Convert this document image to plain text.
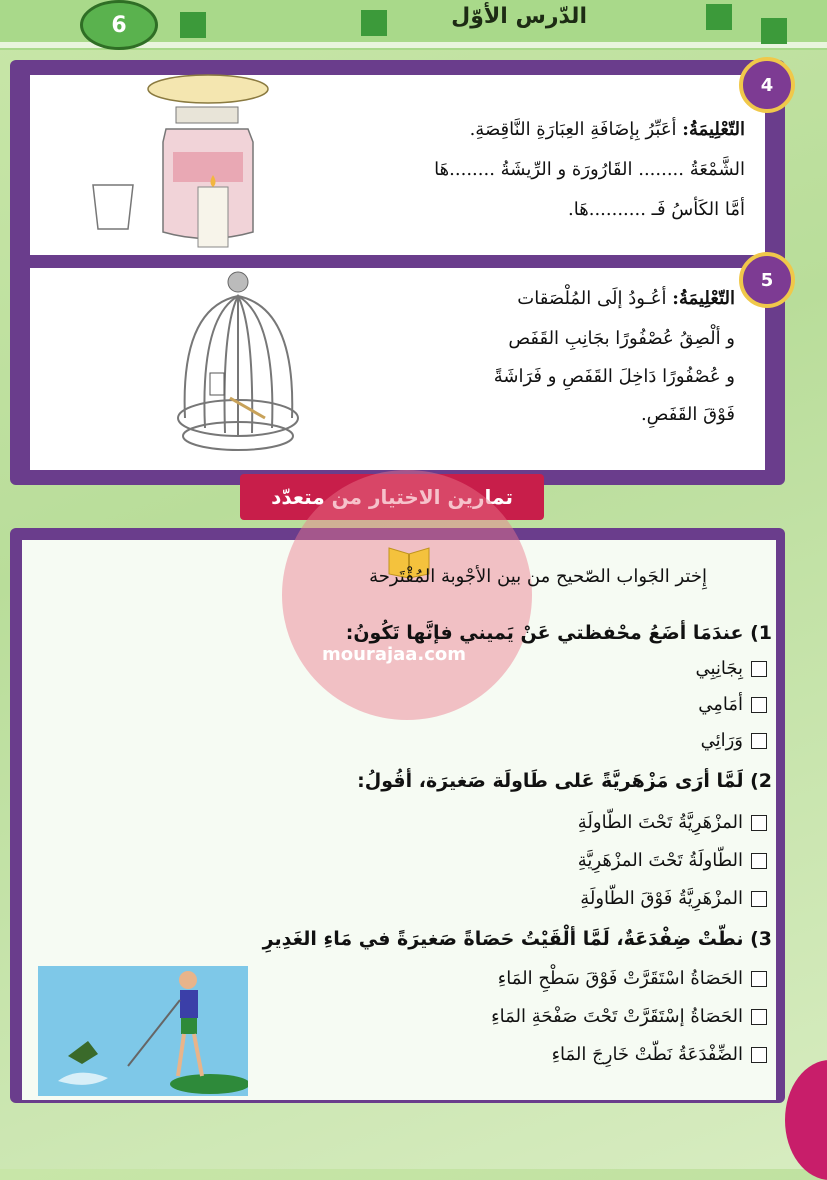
الدّرس الأوّل
6
4
التّعْلِيمَةُ: أعَبِّرُ بِإضَافَةِ العِبَارَةِ النَّاقِصَةِ.
الشَّمْعَةُ ........ القَارُورَة و الرِّيشَةُ ........هَا
أمَّا الكَأسُ فَـ ..........هَا.
5
التّعْلِيمَةُ: أعُـودُ إلَى المُلْصَقات
و ألْصِقُ عُصْفُورًا بجَانِبِ القَفَص
و عُصْفُورًا دَاخِلَ القَفَصِ و فَرَاشَةً
فَوْقَ القَفَصِ.
تمارين الاختيار من متعدّد
mourajaa.com
إِختر الجَواب الصّحيح من بين الأجْوبة المُقْتَرحة
1) عندَمَا أضَعُ محْفظتي عَنْ يَميني فإنَّها تَكُونُ:
بِجَانِبِي
أمَامِي
وَرَائِي
2) لَمَّا أرَى مَزْهَريَّةً عَلى طَاولَة صَغيرَة، أقُولُ:
المزْهَرِيَّةُ تَحْتَ الطّاولَةِ
الطّاولَةُ تَحْتَ المزْهَرِيَّةِ
المزْهَرِيَّةُ فَوْقَ الطّاولَةِ
3) نطّتْ ضِفْدَعَةٌ، لَمَّا ألْقَيْتُ حَصَاةً صَغيرَةً في مَاءِ الغَدِيرِ
الحَصَاةُ اسْتَقَرَّتْ فَوْقَ سَطْحِ المَاءِ
الحَصَاةُ إسْتَقَرَّتْ تَحْتَ صَفْحَةِ المَاءِ
الضِّفْدَعَةُ نَطّتْ خَارِجَ المَاءِ
